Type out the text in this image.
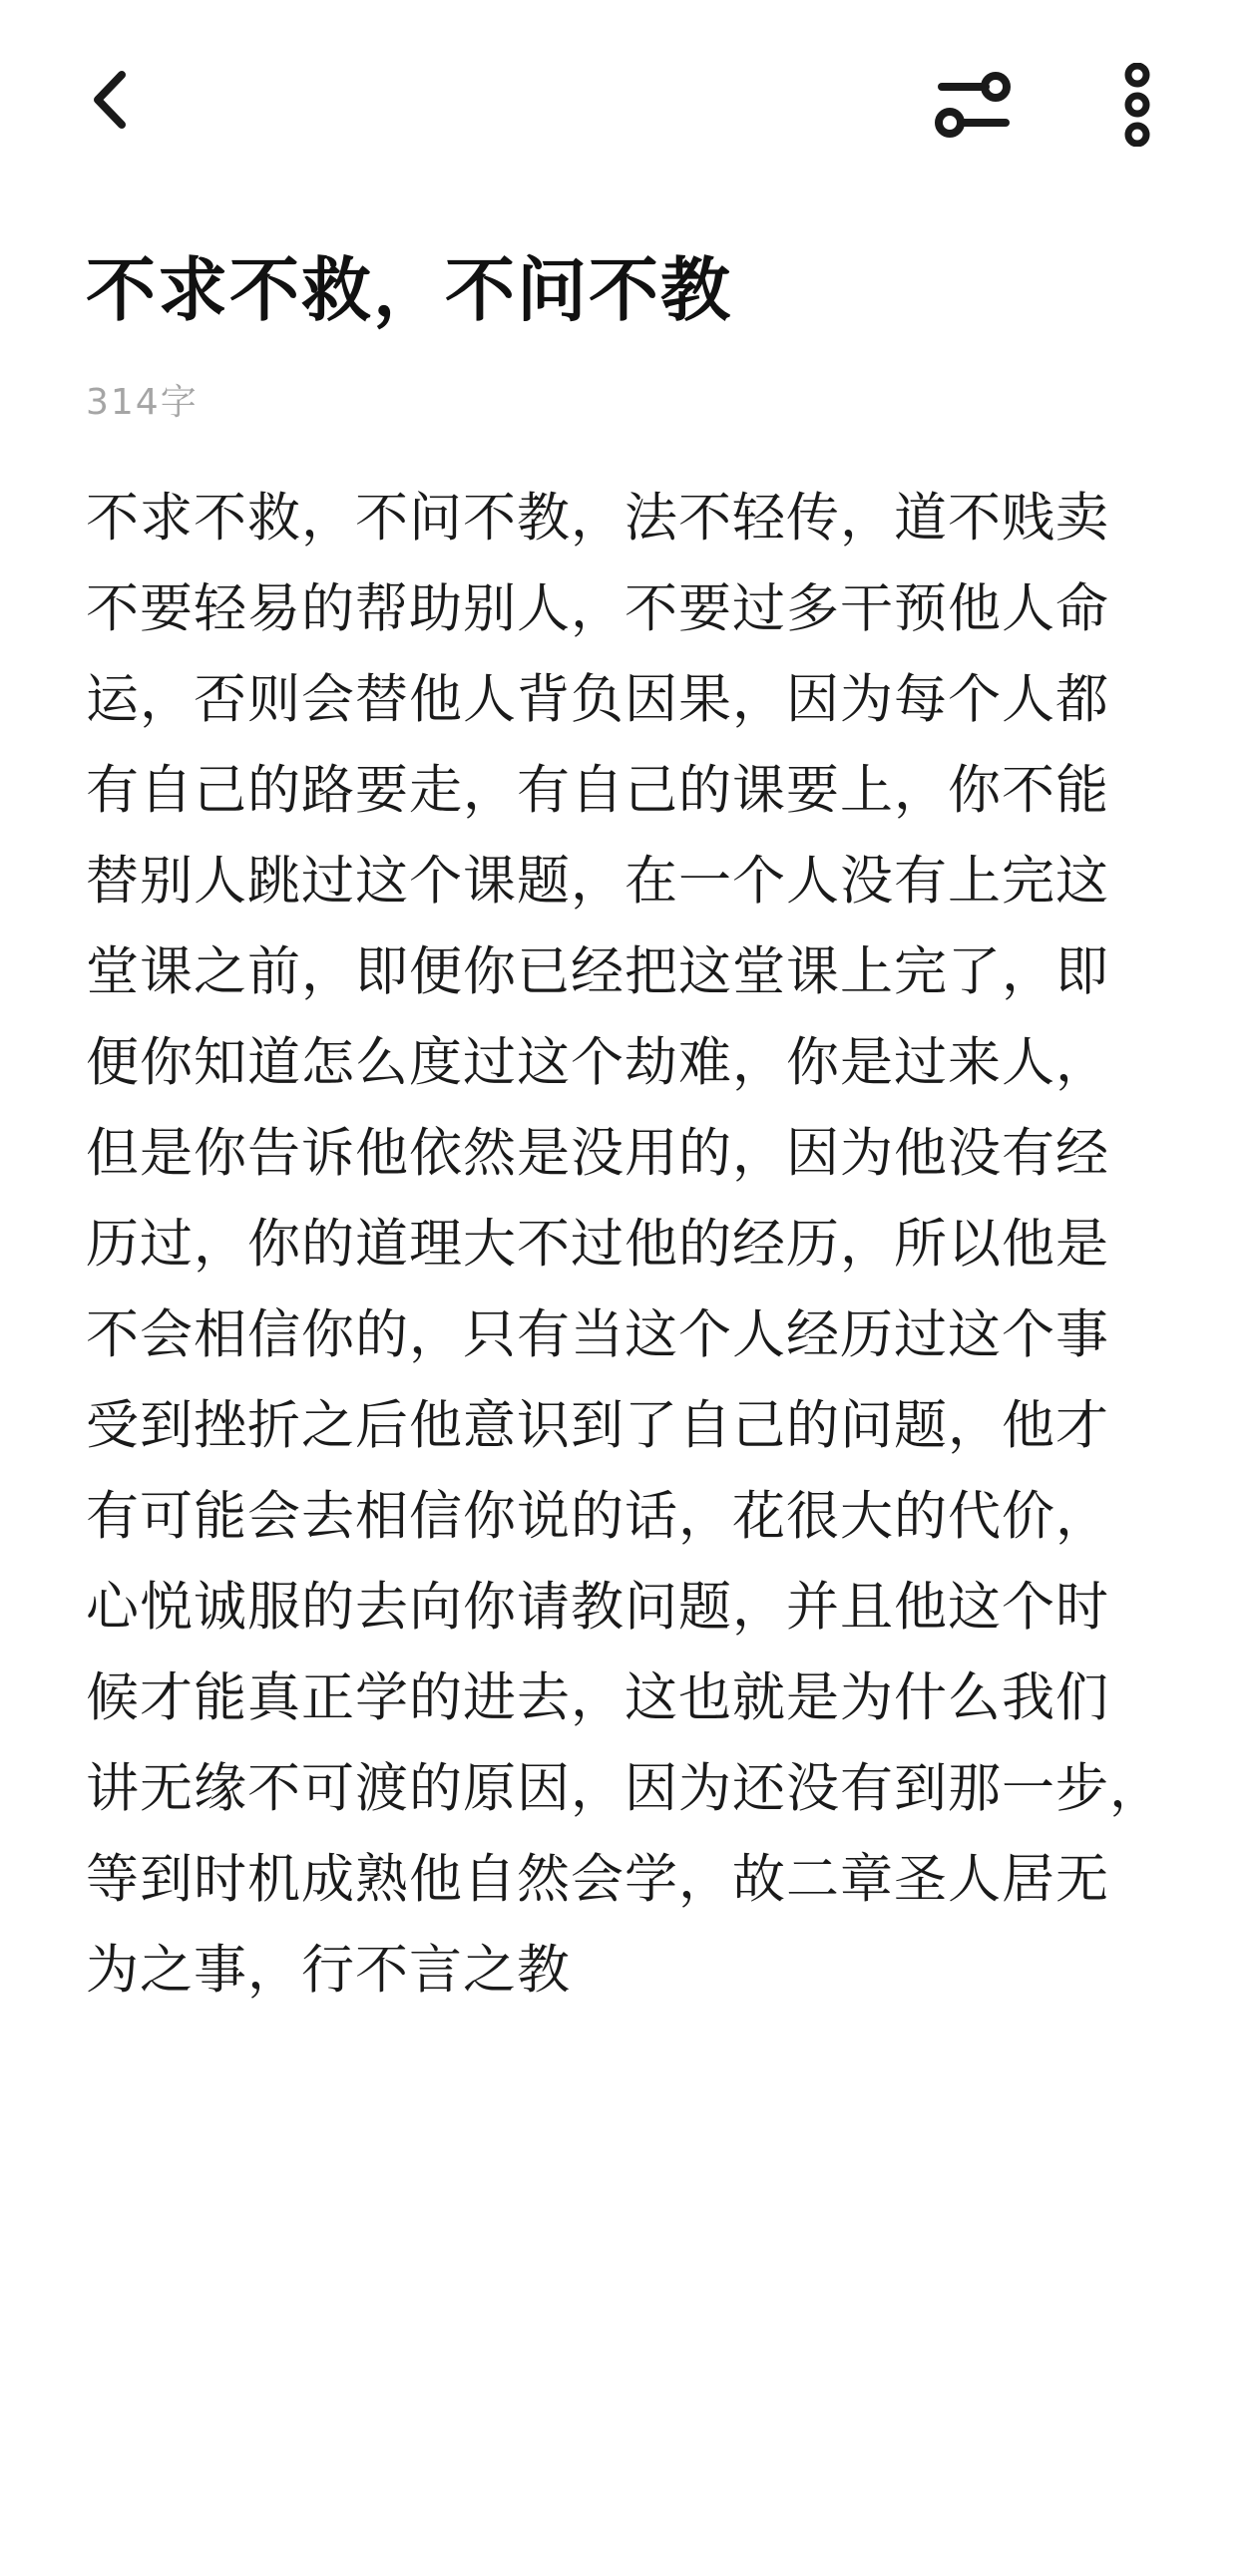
不求不救，不问不教
314字
不求不救，不问不教，法不轻传，道不贱卖
不要轻易的帮助别人，不要过多干预他人命
运，否则会替他人背负因果，因为每个人都
有自己的路要走，有自己的课要上，你不能
替别人跳过这个课题，在一个人没有上完这
堂课之前，即便你已经把这堂课上完了，即
便你知道怎么度过这个劫难，你是过来人，
但是你告诉他依然是没用的，因为他没有经
历过，你的道理大不过他的经历，所以他是
不会相信你的，只有当这个人经历过这个事
受到挫折之后他意识到了自己的问题，他才
有可能会去相信你说的话，花很大的代价，
心悦诚服的去向你请教问题，并且他这个时
候才能真正学的进去，这也就是为什么我们
讲无缘不可渡的原因，因为还没有到那一步，
等到时机成熟他自然会学，故二章圣人居无
为之事，行不言之教
